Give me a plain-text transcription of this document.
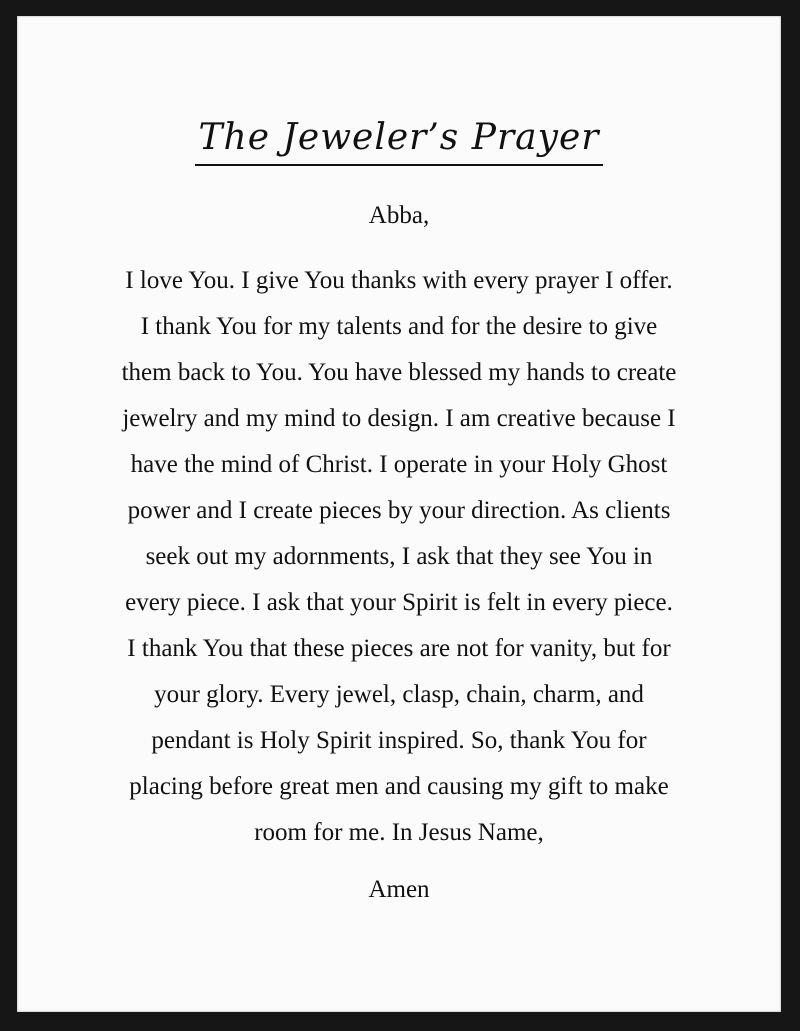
The Jeweler’s Prayer
Abba,
I love You. I give You thanks with every prayer I offer.
I thank You for my talents and for the desire to give
them back to You. You have blessed my hands to create
jewelry and my mind to design. I am creative because I
have the mind of Christ. I operate in your Holy Ghost
power and I create pieces by your direction. As clients
seek out my adornments, I ask that they see You in
every piece. I ask that your Spirit is felt in every piece.
I thank You that these pieces are not for vanity, but for
your glory. Every jewel, clasp, chain, charm, and
pendant is Holy Spirit inspired. So, thank You for
placing before great men and causing my gift to make
room for me. In Jesus Name,
Amen
